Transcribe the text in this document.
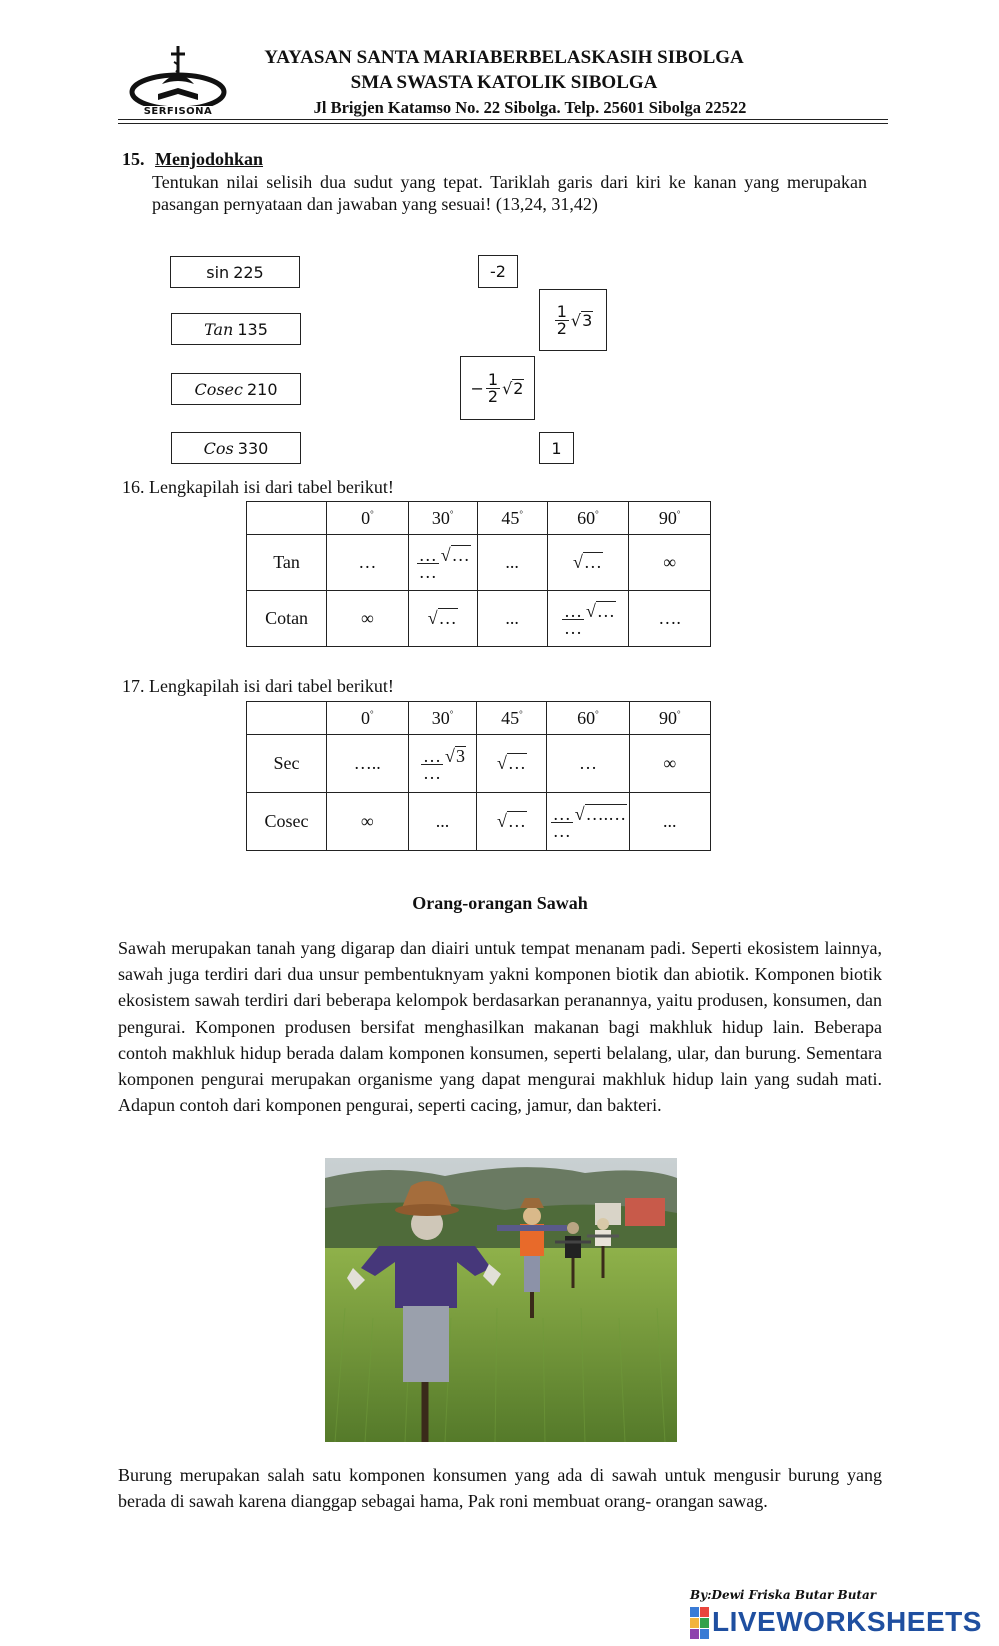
SERFISONA
YAYASAN SANTA MARIABERBELASKASIH SIBOLGA
SMA SWASTA KATOLIK SIBOLGA
Jl Brigjen Katamso No. 22 Sibolga. Telp. 25601 Sibolga 22522
15. Menjodohkan
Tentukan nilai selisih dua sudut yang tepat. Tariklah garis dari kiri ke kanan yang merupakan pasangan pernyataan dan jawaban yang sesuai! (13,24, 31,42)
sin 225
Tan 135
Cosec 210
Cos 330
-2
$\frac{1}{2}$ √ 3
− $\frac{1}{2}$ √ 2
1
16. Lengkapilah isi dari tabel berikut!
	0°	30°	45°	60°	90°
Tan	…	$\frac{\dots}{\dots}$ √ …	...	√ …	∞
Cotan	∞	√ …	...	$\frac{\dots}{\dots}$ √ …	….
17. Lengkapilah isi dari tabel berikut!
	0°	30°	45°	60°	90°
Sec	…..	$\frac{\dots}{\dots}$ √ 3	√ …	…	∞
Cosec	∞	...	√ …	$\frac{\dots}{\dots}$ √ ….…	...
Orang-orangan Sawah
Sawah merupakan tanah yang digarap dan diairi untuk tempat menanam padi. Seperti ekosistem lainnya, sawah juga terdiri dari dua unsur pembentuknyam yakni komponen biotik dan abiotik. Komponen biotik ekosistem sawah terdiri dari beberapa kelompok berdasarkan peranannya, yaitu produsen, konsumen, dan pengurai. Komponen produsen bersifat menghasilkan makanan bagi makhluk hidup lain. Beberapa contoh makhluk hidup berada dalam komponen konsumen, seperti belalang, ular, dan burung. Sementara komponen pengurai merupakan organisme yang dapat mengurai makhluk hidup lain yang sudah mati. Adapun contoh dari komponen pengurai, seperti cacing, jamur, dan bakteri.
Burung merupakan salah satu komponen konsumen yang ada di sawah untuk mengusir burung yang berada di sawah karena dianggap sebagai hama, Pak roni membuat orang- orangan sawag.
By:Dewi Friska Butar Butar
LIVEWORKSHEETS
